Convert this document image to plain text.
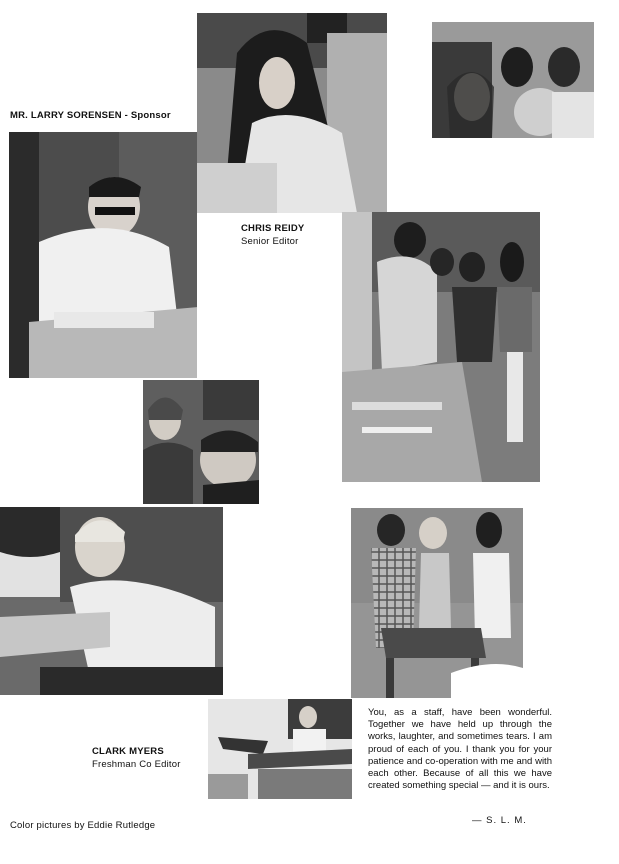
MR. LARRY SORENSEN - Sponsor
CHRIS REIDY
Senior Editor
CLARK MYERS
Freshman Co Editor
Color pictures by Eddie Rutledge
You, as a staff, have been wonderful. Together we have held up through the works, laughter, and sometimes tears. I am proud of each of you. I thank you for your patience and co-operation with me and with each other. Because of all this we have created something special — and it is ours.
— S. L. M.
